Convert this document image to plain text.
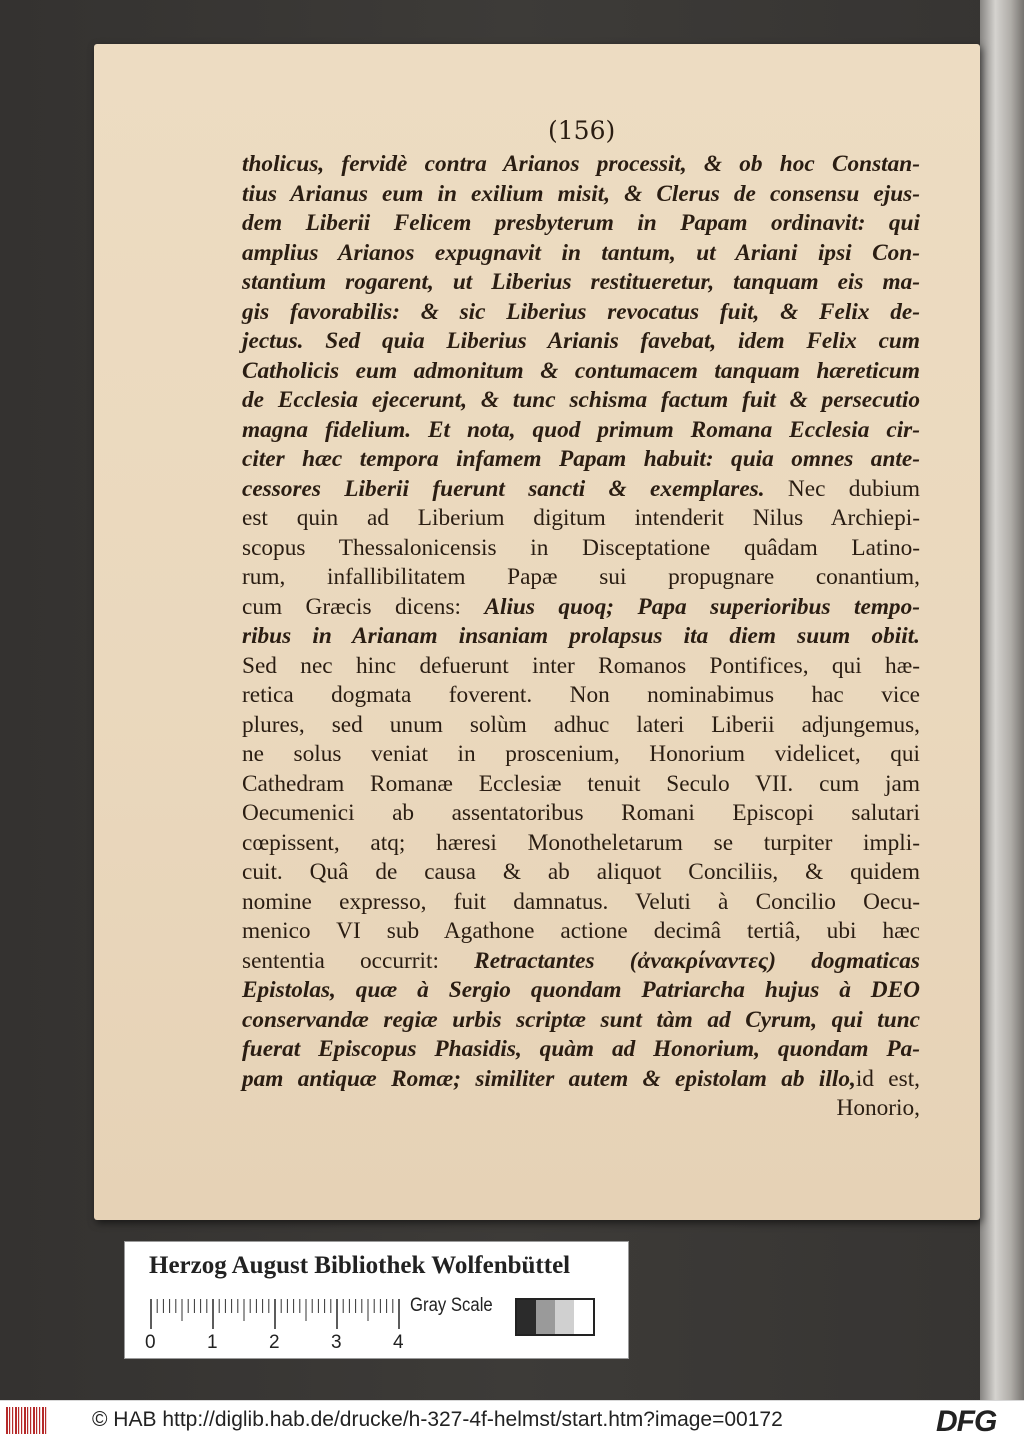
(156)
tholicus, fervidè contra Arianos processit, & ob hoc Constan-
tius Arianus eum in exilium misit, & Clerus de consensu ejus-
dem Liberii Felicem presbyterum in Papam ordinavit: qui
amplius Arianos expugnavit in tantum, ut Ariani ipsi Con-
stantium rogarent, ut Liberius restitueretur, tanquam eis ma-
gis favorabilis: & sic Liberius revocatus fuit, & Felix de-
jectus. Sed quia Liberius Arianis favebat, idem Felix cum
Catholicis eum admonitum & contumacem tanquam hæreticum
de Ecclesia ejecerunt, & tunc schisma factum fuit & persecutio
magna fidelium. Et nota, quod primum Romana Ecclesia cir-
citer hæc tempora infamem Papam habuit: quia omnes ante-
cessores Liberii fuerunt sancti & exemplares. Nec dubium
est quin ad Liberium digitum intenderit Nilus Archiepi-
scopus Thessalonicensis in Disceptatione quâdam Latino-
rum, infallibilitatem Papæ sui propugnare conantium,
cum Græcis dicens: Alius quoq; Papa superioribus tempo-
ribus in Arianam insaniam prolapsus ita diem suum obiit.
Sed nec hinc defuerunt inter Romanos Pontifices, qui hæ-
retica dogmata foverent. Non nominabimus hac vice
plures, sed unum solùm adhuc lateri Liberii adjungemus,
ne solus veniat in proscenium, Honorium videlicet, qui
Cathedram Romanæ Ecclesiæ tenuit Seculo VII. cum jam
Oecumenici ab assentatoribus Romani Episcopi salutari
cœpissent, atq; hæresi Monotheletarum se turpiter impli-
cuit. Quâ de causa & ab aliquot Conciliis, & quidem
nomine expresso, fuit damnatus. Veluti à Concilio Oecu-
menico VI sub Agathone actione decimâ tertiâ, ubi hæc
sententia occurrit: Retractantes (ἀνακρίναντες) dogmaticas
Epistolas, quæ à Sergio quondam Patriarcha hujus à DEO
conservandæ regiæ urbis scriptæ sunt tàm ad Cyrum, qui tunc
fuerat Episcopus Phasidis, quàm ad Honorium, quondam Pa-
pam antiquæ Romæ; similiter autem & epistolam ab illo,id est,
Honorio,
Herzog August Bibliothek Wolfenbüttel
Gray Scale
0	1	2	3	4
© HAB http://diglib.hab.de/drucke/h-327-4f-helmst/start.htm?image=00172	DFG
